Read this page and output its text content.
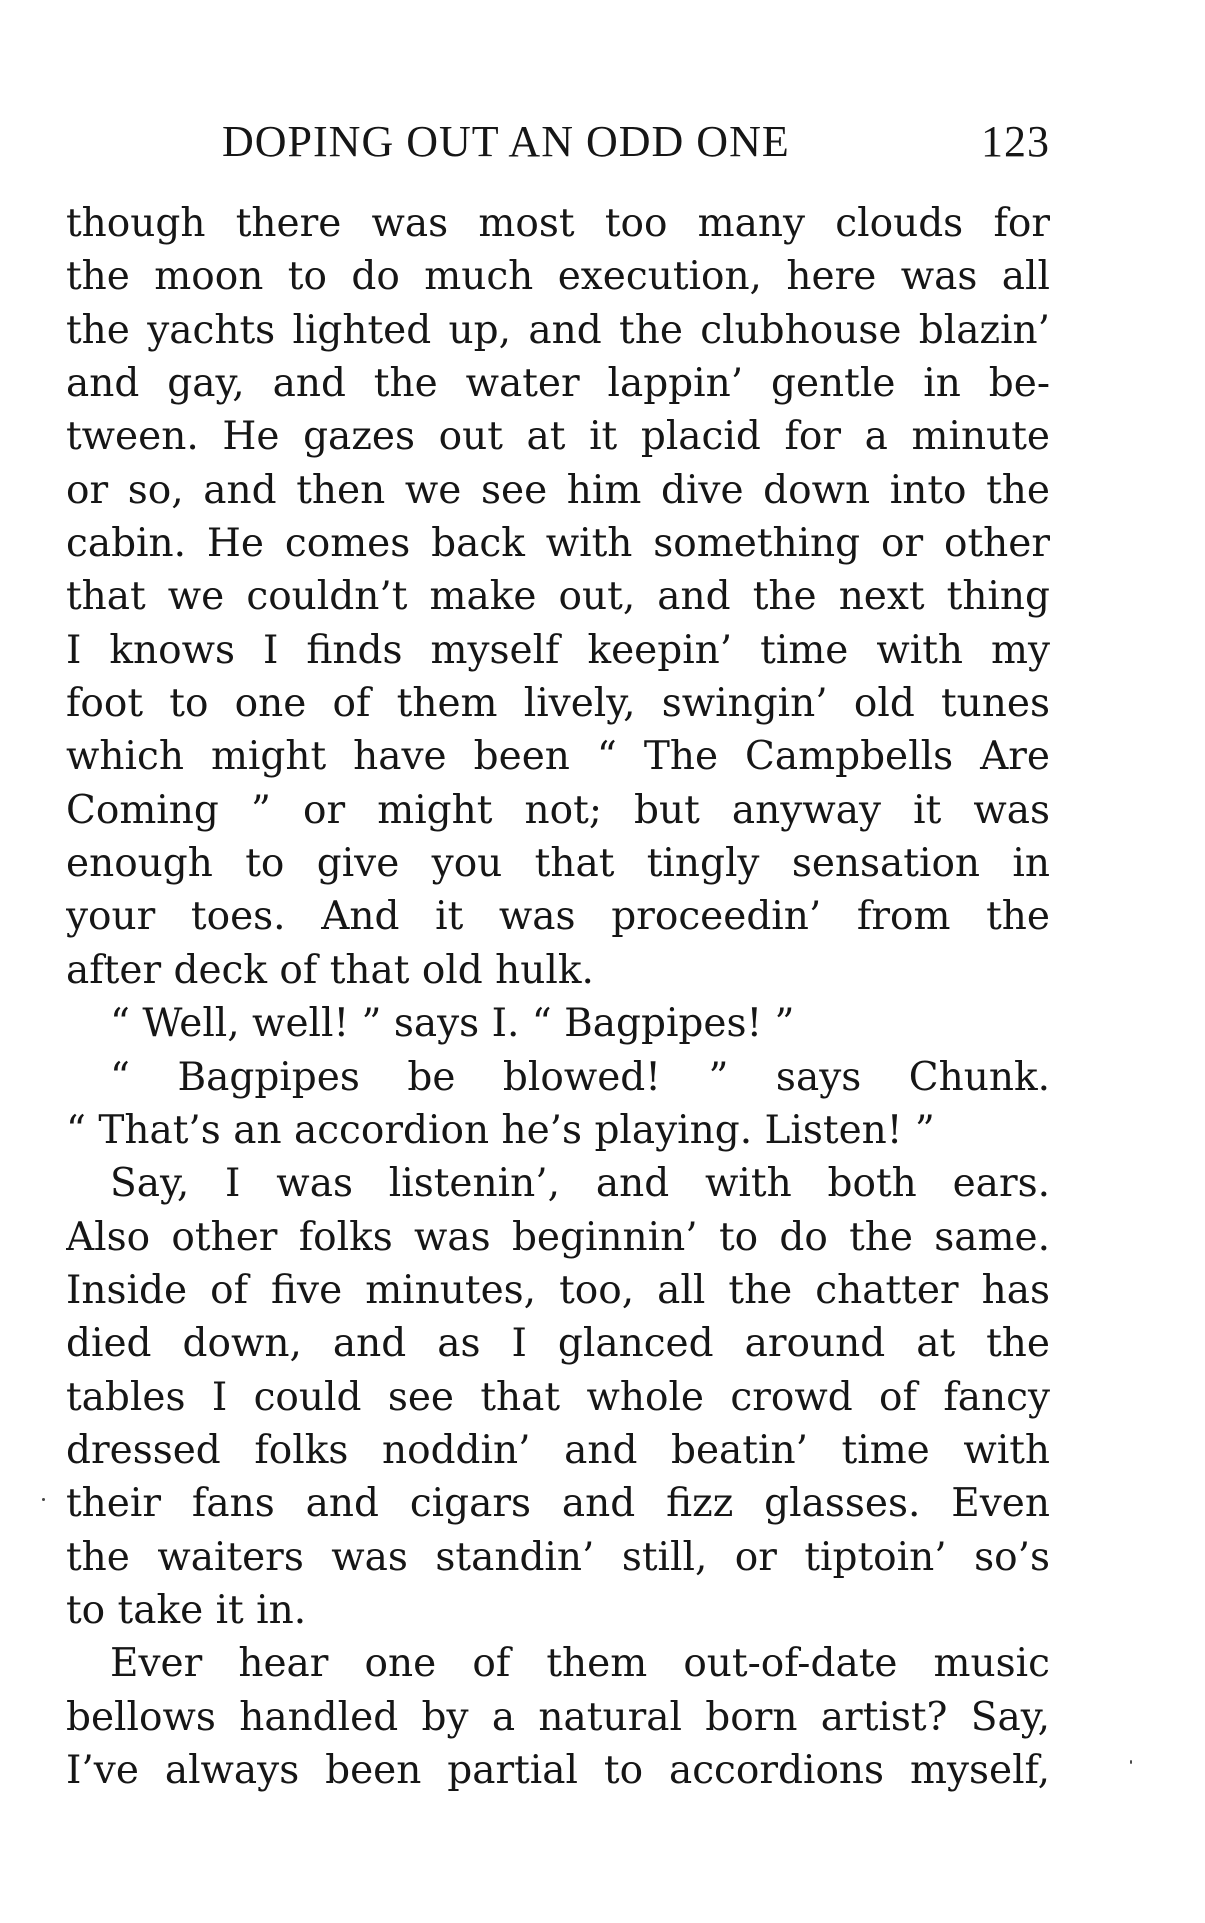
DOPING OUT AN ODD ONE	123
though there was most too many clouds for
the moon to do much execution, here was all
the yachts lighted up, and the clubhouse blazin’
and gay, and the water lappin’ gentle in be-
tween. He gazes out at it placid for a minute
or so, and then we see him dive down into the
cabin. He comes back with something or other
that we couldn’t make out, and the next thing
I knows I finds myself keepin’ time with my
foot to one of them lively, swingin’ old tunes
which might have been “ The Campbells Are
Coming ” or might not; but anyway it was
enough to give you that tingly sensation in
your toes. And it was proceedin’ from the
after deck of that old hulk.
“ Well, well! ” says I. “ Bagpipes! ”
“ Bagpipes be blowed! ” says Chunk.
“ That’s an accordion he’s playing. Listen! ”
Say, I was listenin’, and with both ears.
Also other folks was beginnin’ to do the same.
Inside of five minutes, too, all the chatter has
died down, and as I glanced around at the
tables I could see that whole crowd of fancy
dressed folks noddin’ and beatin’ time with
their fans and cigars and fizz glasses. Even
the waiters was standin’ still, or tiptoin’ so’s
to take it in.
Ever hear one of them out-of-date music
bellows handled by a natural born artist? Say,
I’ve always been partial to accordions myself,
